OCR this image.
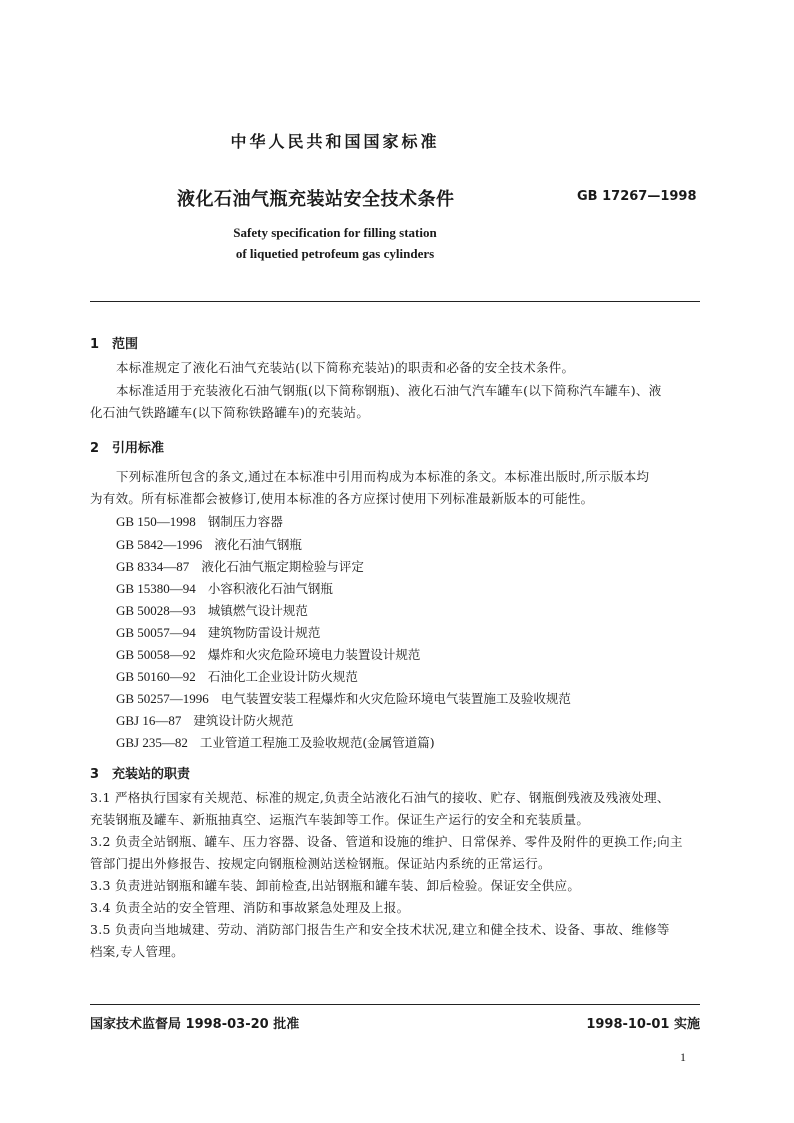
中华人民共和国国家标准
液化石油气瓶充装站安全技术条件	GB 17267—1998
Safety specification for filling station
of liquetied petrofeum gas cylinders
1 范围
本标准规定了液化石油气充装站(以下简称充装站)的职责和必备的安全技术条件。
本标准适用于充装液化石油气钢瓶(以下简称钢瓶)、液化石油气汽车罐车(以下简称汽车罐车)、液
化石油气铁路罐车(以下简称铁路罐车)的充装站。
2 引用标准
下列标准所包含的条文,通过在本标准中引用而构成为本标准的条文。本标准出版时,所示版本均
为有效。所有标准都会被修订,使用本标准的各方应探讨使用下列标准最新版本的可能性。
GB 150—1998 钢制压力容器
GB 5842—1996 液化石油气钢瓶
GB 8334—87 液化石油气瓶定期检验与评定
GB 15380—94 小容积液化石油气钢瓶
GB 50028—93 城镇燃气设计规范
GB 50057—94 建筑物防雷设计规范
GB 50058—92 爆炸和火灾危险环境电力装置设计规范
GB 50160—92 石油化工企业设计防火规范
GB 50257—1996 电气装置安装工程爆炸和火灾危险环境电气装置施工及验收规范
GBJ 16—87 建筑设计防火规范
GBJ 235—82 工业管道工程施工及验收规范(金属管道篇)
3 充装站的职责
3.1 严格执行国家有关规范、标准的规定,负责全站液化石油气的接收、贮存、钢瓶倒残液及残液处理、
充装钢瓶及罐车、新瓶抽真空、运瓶汽车装卸等工作。保证生产运行的安全和充装质量。
3.2 负责全站钢瓶、罐车、压力容器、设备、管道和设施的维护、日常保养、零件及附件的更换工作;向主
管部门提出外修报告、按规定向钢瓶检测站送检钢瓶。保证站内系统的正常运行。
3.3 负责进站钢瓶和罐车装、卸前检查,出站钢瓶和罐车装、卸后检验。保证安全供应。
3.4 负责全站的安全管理、消防和事故紧急处理及上报。
3.5 负责向当地城建、劳动、消防部门报告生产和安全技术状况,建立和健全技术、设备、事故、维修等
档案,专人管理。
国家技术监督局 1998-03-20 批准	1998-10-01 实施
1
